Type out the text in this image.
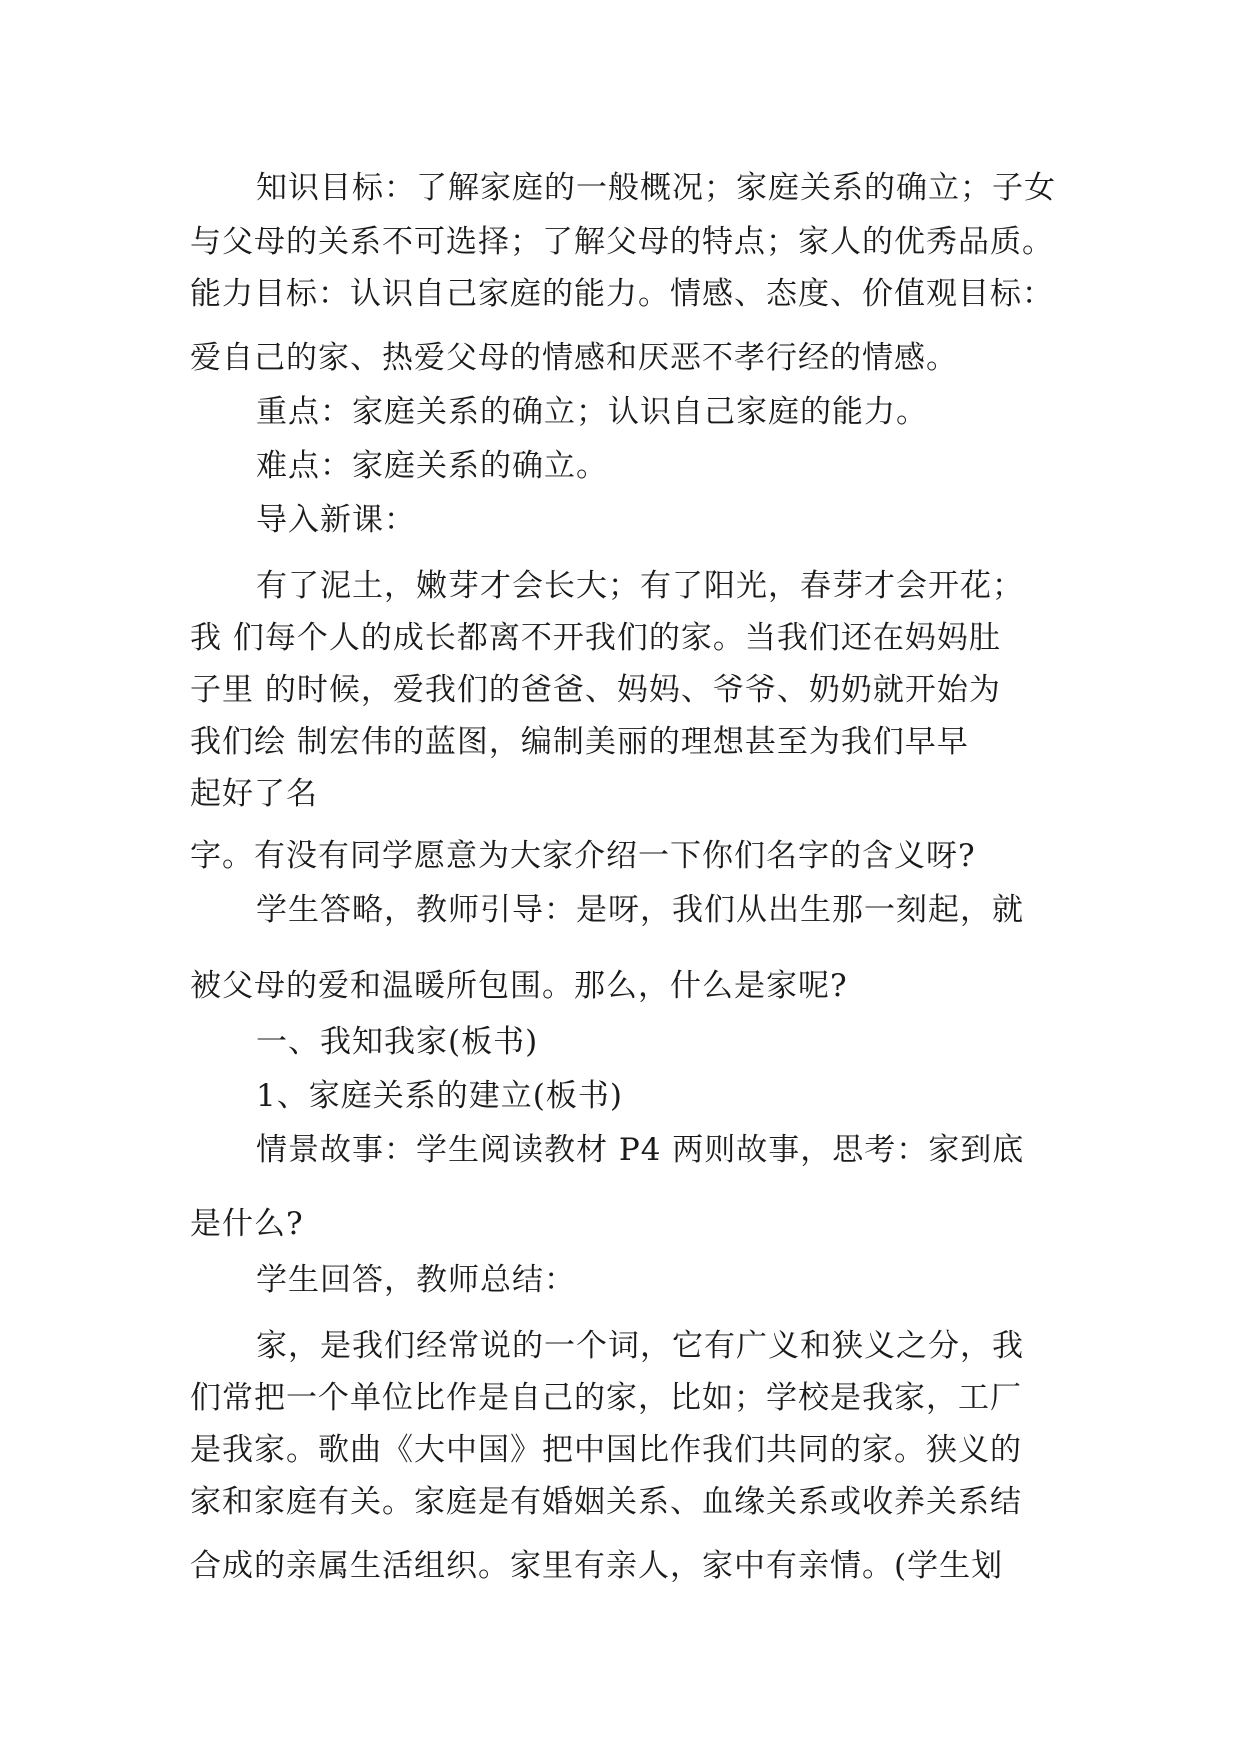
知识目标：了解家庭的一般概况；家庭关系的确立；子女
与父母的关系不可选择；了解父母的特点；家人的优秀品质。
能力目标：认识自己家庭的能力。情感、态度、价值观目标：
爱自己的家、热爱父母的情感和厌恶不孝行经的情感。
重点：家庭关系的确立；认识自己家庭的能力。
难点：家庭关系的确立。
导入新课：
有了泥土，嫩芽才会长大；有了阳光，春芽才会开花；
我 们每个人的成长都离不开我们的家。当我们还在妈妈肚
子里 的时候，爱我们的爸爸、妈妈、爷爷、奶奶就开始为
我们绘 制宏伟的蓝图，编制美丽的理想甚至为我们早早
起好了名
字。有没有同学愿意为大家介绍一下你们名字的含义呀?
学生答略，教师引导：是呀，我们从出生那一刻起，就
被父母的爱和温暖所包围。那么，什么是家呢?
一、我知我家(板书)
1、家庭关系的建立(板书)
情景故事：学生阅读教材 P4 两则故事，思考：家到底
是什么?
学生回答，教师总结：
家，是我们经常说的一个词，它有广义和狭义之分，我
们常把一个单位比作是自己的家，比如；学校是我家，工厂
是我家。歌曲《大中国》把中国比作我们共同的家。狭义的
家和家庭有关。家庭是有婚姻关系、血缘关系或收养关系结
合成的亲属生活组织。家里有亲人，家中有亲情。(学生划
